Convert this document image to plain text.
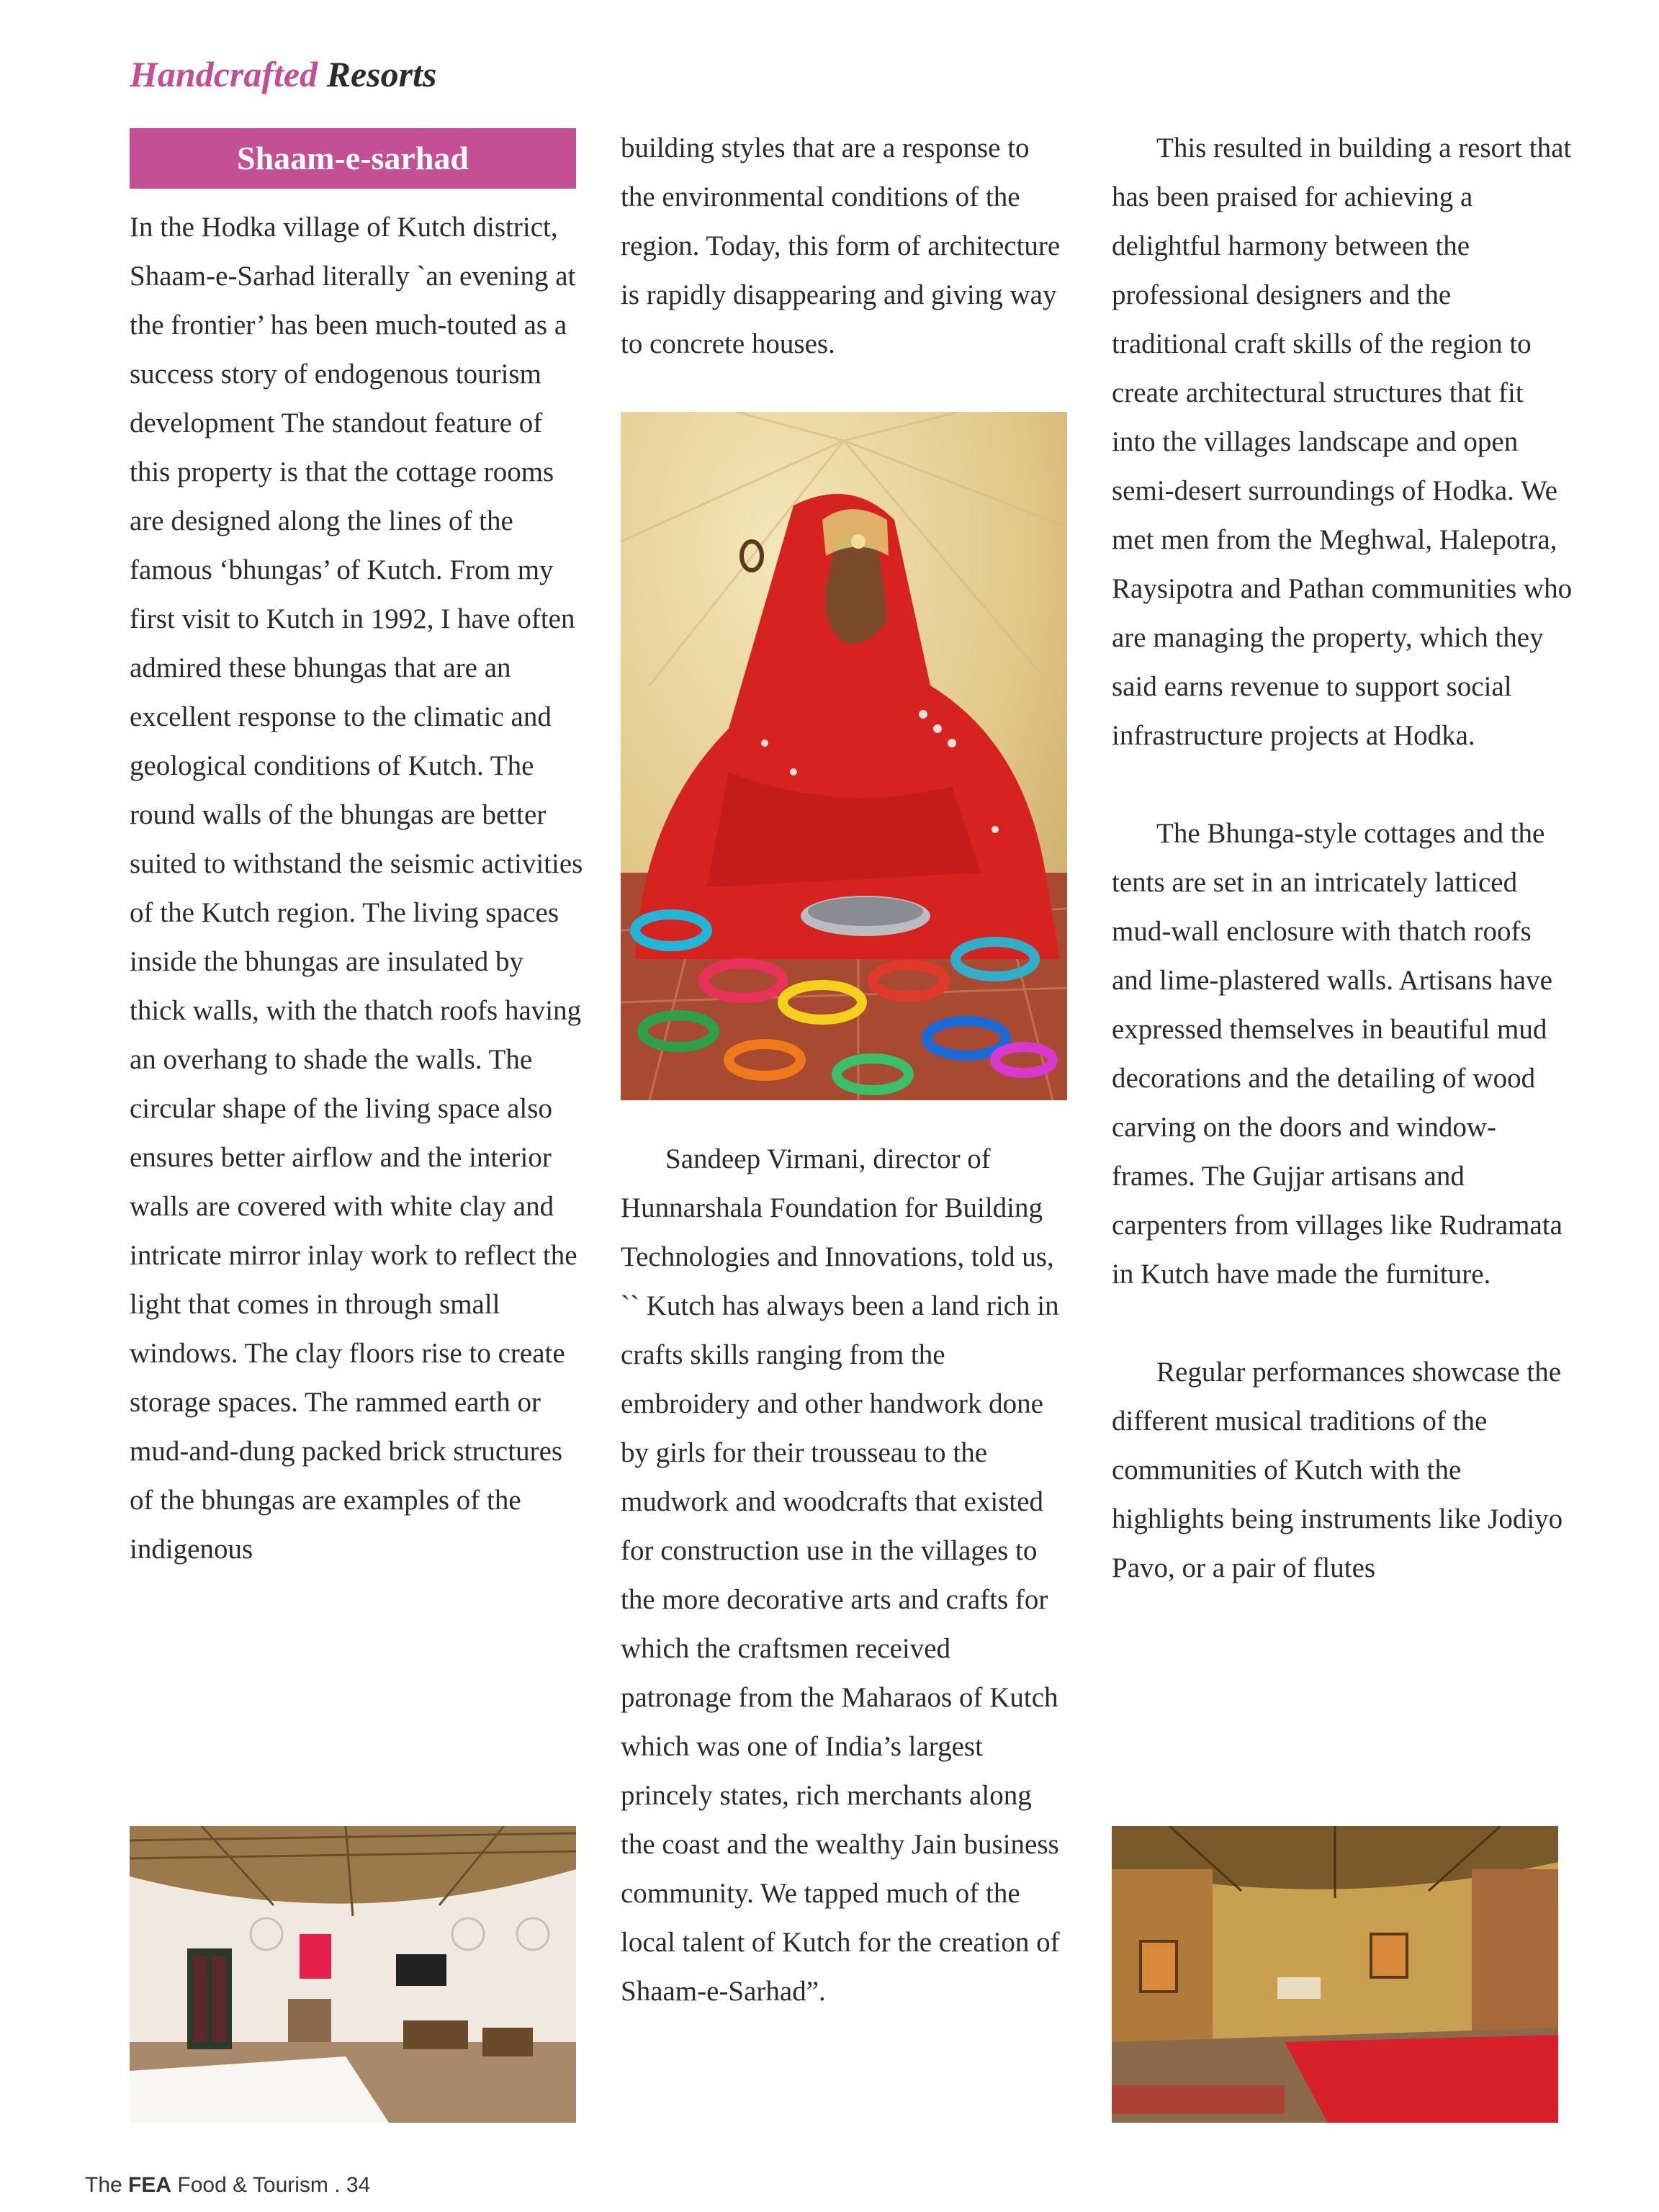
Handcrafted Resorts
Shaam-e-sarhad

In the Hodka village of Kutch district, Shaam-e-Sarhad literally `an evening at the frontier’ has been much-touted as a success story of endogenous tourism development The standout feature of this property is that the cottage rooms are designed along the lines of the famous ‘bhungas’ of Kutch. From my first visit to Kutch in 1992, I have often admired these bhungas that are an excellent response to the climatic and geological conditions of Kutch. The round walls of the bhungas are better suited to withstand the seismic activities of the Kutch region. The living spaces inside the bhungas are insulated by thick walls, with the thatch roofs having an overhang to shade the walls. The circular shape of the living space also ensures better airflow and the interior walls are covered with white clay and intricate mirror inlay work to reflect the light that comes in through small windows. The clay floors rise to create storage spaces. The rammed earth or mud-and-dung packed brick structures of the bhungas are examples of the indigenous

building styles that are a response to the environmental conditions of the region. Today, this form of architecture is rapidly disappearing and giving way to concrete houses.

Sandeep Virmani, director of Hunnarshala Foundation for Building Technologies and Innovations, told us, `` Kutch has always been a land rich in crafts skills ranging from the embroidery and other handwork done by girls for their trousseau to the mudwork and woodcrafts that existed for construction use in the villages to the more decorative arts and crafts for which the craftsmen received patronage from the Maharaos of Kutch which was one of India’s largest princely states, rich merchants along the coast and the wealthy Jain business community. We tapped much of the local talent of Kutch for the creation of Shaam-e-Sarhad”.

This resulted in building a resort that has been praised for achieving a delightful harmony between the professional designers and the traditional craft skills of the region to create architectural structures that fit into the villages landscape and open semi-desert surroundings of Hodka. We met men from the Meghwal, Halepotra, Raysipotra and Pathan communities who are managing the property, which they said earns revenue to support social infrastructure projects at Hodka.

The Bhunga-style cottages and the tents are set in an intricately latticed mud-wall enclosure with thatch roofs and lime-plastered walls. Artisans have expressed themselves in beautiful mud decorations and the detailing of wood carving on the doors and window-frames. The Gujjar artisans and carpenters from villages like Rudramata in Kutch have made the furniture.

Regular performances showcase the different musical traditions of the communities of Kutch with the highlights being instruments like Jodiyo Pavo, or a pair of flutes

The FEA Food & Tourism . 34
